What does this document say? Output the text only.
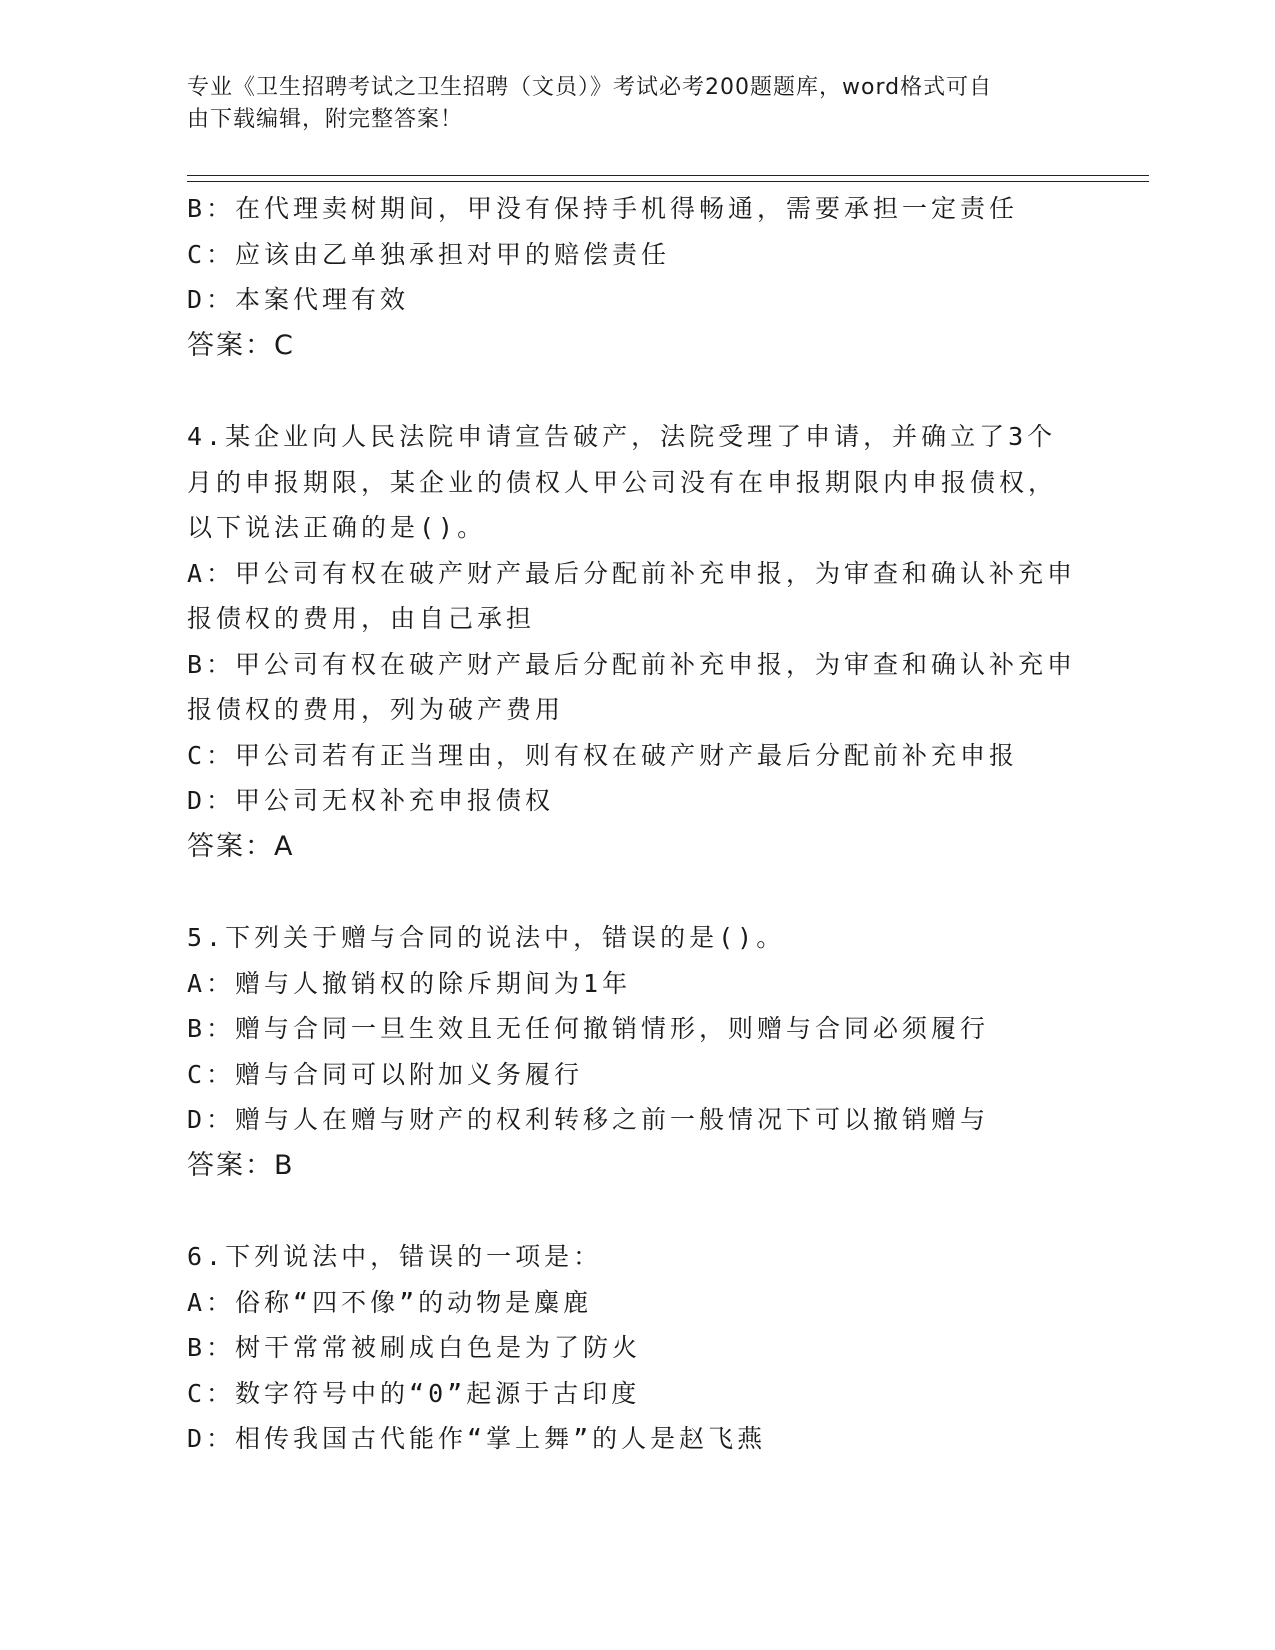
专业《卫生招聘考试之卫生招聘（文员）》考试必考200题题库，word格式可自
由下载编辑，附完整答案！
B：在代理卖树期间，甲没有保持手机得畅通，需要承担一定责任
C：应该由乙单独承担对甲的赔偿责任
D：本案代理有效
答案：C
4.某企业向人民法院申请宣告破产，法院受理了申请，并确立了3个
月的申报期限，某企业的债权人甲公司没有在申报期限内申报债权，
以下说法正确的是()。
A：甲公司有权在破产财产最后分配前补充申报，为审查和确认补充申
报债权的费用，由自己承担
B：甲公司有权在破产财产最后分配前补充申报，为审查和确认补充申
报债权的费用，列为破产费用
C：甲公司若有正当理由，则有权在破产财产最后分配前补充申报
D：甲公司无权补充申报债权
答案：A
5.下列关于赠与合同的说法中，错误的是()。
A：赠与人撤销权的除斥期间为1年
B：赠与合同一旦生效且无任何撤销情形，则赠与合同必须履行
C：赠与合同可以附加义务履行
D：赠与人在赠与财产的权利转移之前一般情况下可以撤销赠与
答案：B
6.下列说法中，错误的一项是：
A：俗称“四不像”的动物是麋鹿
B：树干常常被刷成白色是为了防火
C：数字符号中的“0”起源于古印度
D：相传我国古代能作“掌上舞”的人是赵飞燕
